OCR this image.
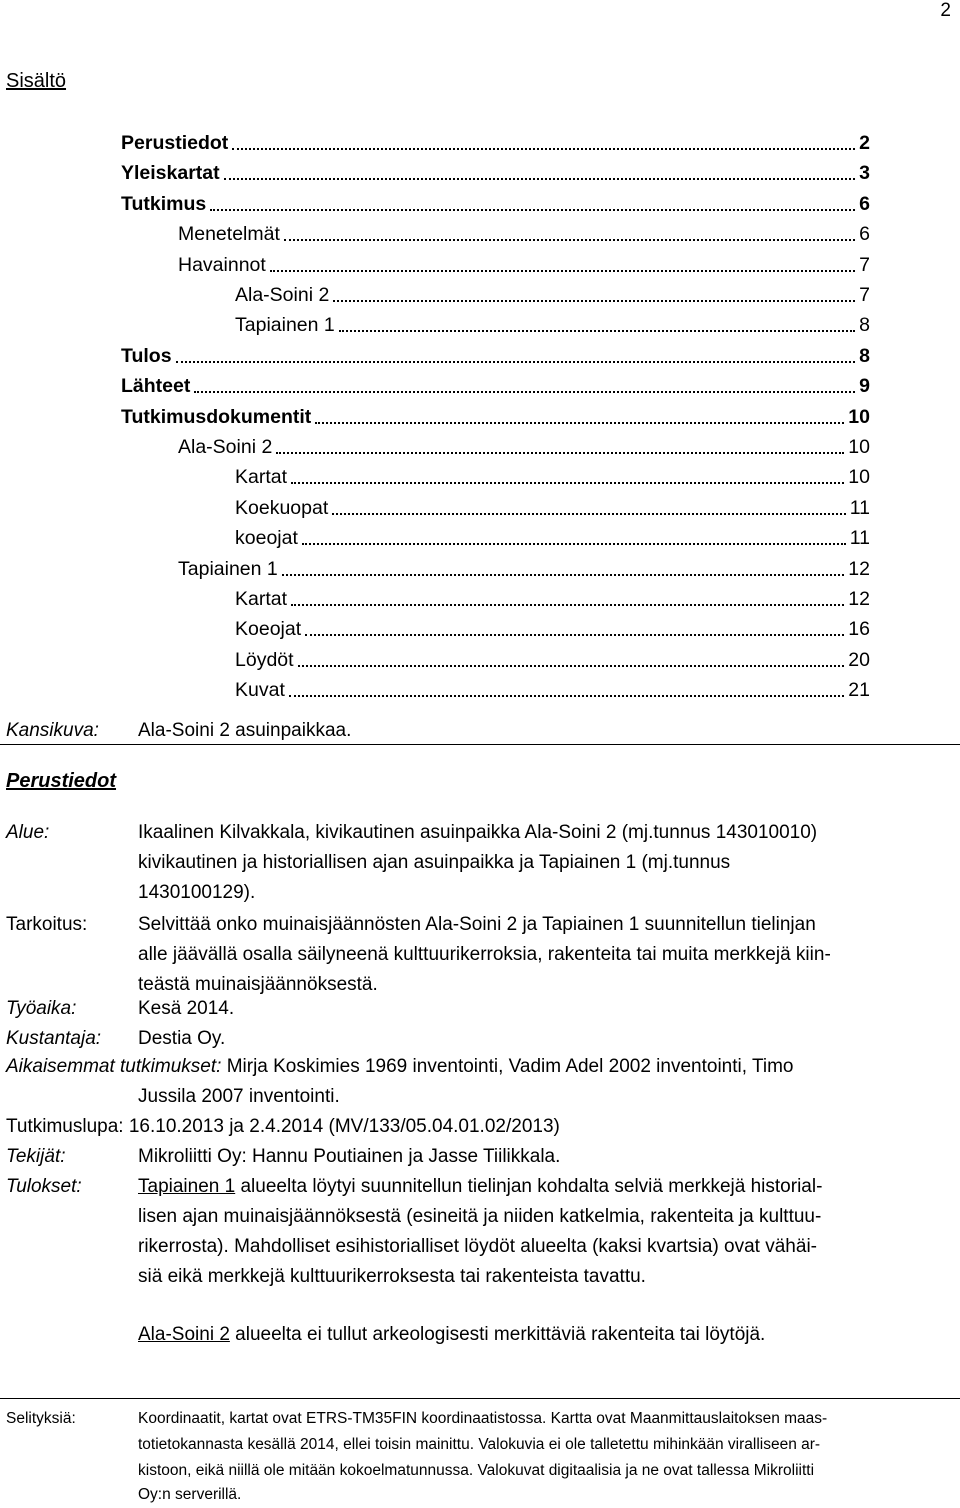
2
Sisältö
Perustiedot	2
Yleiskartat	3
Tutkimus	6
Menetelmät	6
Havainnot	7
Ala-Soini 2	7
Tapiainen 1	8
Tulos	8
Lähteet	9
Tutkimusdokumentit	10
Ala-Soini 2	10
Kartat	10
Koekuopat	11
koeojat	11
Tapiainen 1	12
Kartat	12
Koeojat	16
Löydöt	20
Kuvat	21
Kansikuva: Ala-Soini 2 asuinpaikkaa.
Perustiedot
Alue:	Ikaalinen Kilvakkala, kivikautinen asuinpaikka Ala-Soini 2 (mj.tunnus 143010010)
kivikautinen ja historiallisen ajan asuinpaikka ja Tapiainen 1 (mj.tunnus
1430100129).
Tarkoitus:	Selvittää onko muinaisjäännösten Ala-Soini 2 ja Tapiainen 1 suunnitellun tielinjan
alle jäävällä osalla säilyneenä kulttuurikerroksia, rakenteita tai muita merkkejä kiin-
teästä muinaisjäännöksestä.
Työaika:	Kesä 2014.
Kustantaja: Destia Oy.
Aikaisemmat tutkimukset: Mirja Koskimies 1969 inventointi, Vadim Adel 2002 inventointi, Timo
Jussila 2007 inventointi.
Tutkimuslupa: 16.10.2013 ja 2.4.2014 (MV/133/05.04.01.02/2013)
Tekijät:	Mikroliitti Oy: Hannu Poutiainen ja Jasse Tiilikkala.
Tulokset:	Tapiainen 1 alueelta löytyi suunnitellun tielinjan kohdalta selviä merkkejä historial-
lisen ajan muinaisjäännöksestä (esineitä ja niiden katkelmia, rakenteita ja kulttuu-
rikerrosta). Mahdolliset esihistorialliset löydöt alueelta (kaksi kvartsia) ovat vähäi-
siä eikä merkkejä kulttuurikerroksesta tai rakenteista tavattu.
Ala-Soini 2 alueelta ei tullut arkeologisesti merkittäviä rakenteita tai löytöjä.
Selityksiä:	Koordinaatit, kartat ovat ETRS-TM35FIN koordinaatistossa. Kartta ovat Maanmittauslaitoksen maas-
totietokannasta kesällä 2014, ellei toisin mainittu. Valokuvia ei ole talletettu mihinkään viralliseen ar-
kistoon, eikä niillä ole mitään kokoelmatunnussa. Valokuvat digitaalisia ja ne ovat tallessa Mikroliitti
Oy:n serverillä.
